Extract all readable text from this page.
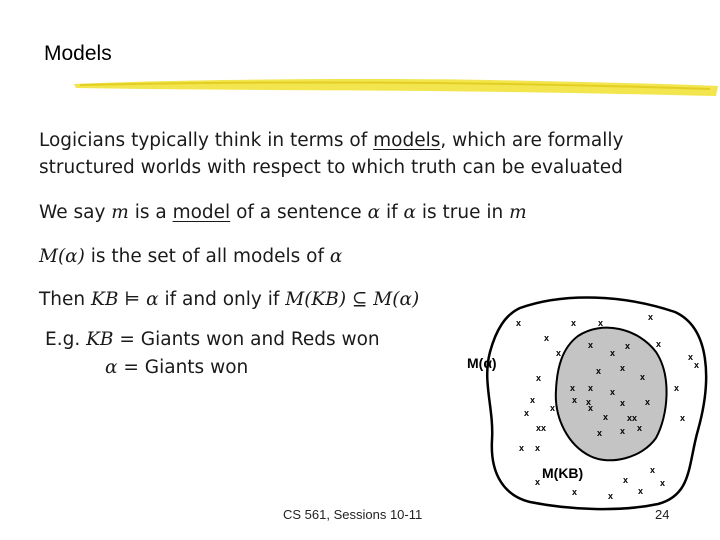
Models
Logicians typically think in terms of models, which are formally
structured worlds with respect to which truth can be evaluated
We say m is a model of a sentence α if α is true in m
M(α) is the set of all models of α
Then KB ⊨ α if and only if M(KB) ⊆ M(α)
E.g. KB = Giants won and Reds won
α = Giants won	M(α)
M(KB)
x	x x
x
x
x
x	x
x
x
x
x
x x
x
xx
x x
x
x
x	x
x
x
x
x
x
x
x x
x
x x x
x x
x	x x
x xx
x x x
CS 561, Sessions 10-11	24
